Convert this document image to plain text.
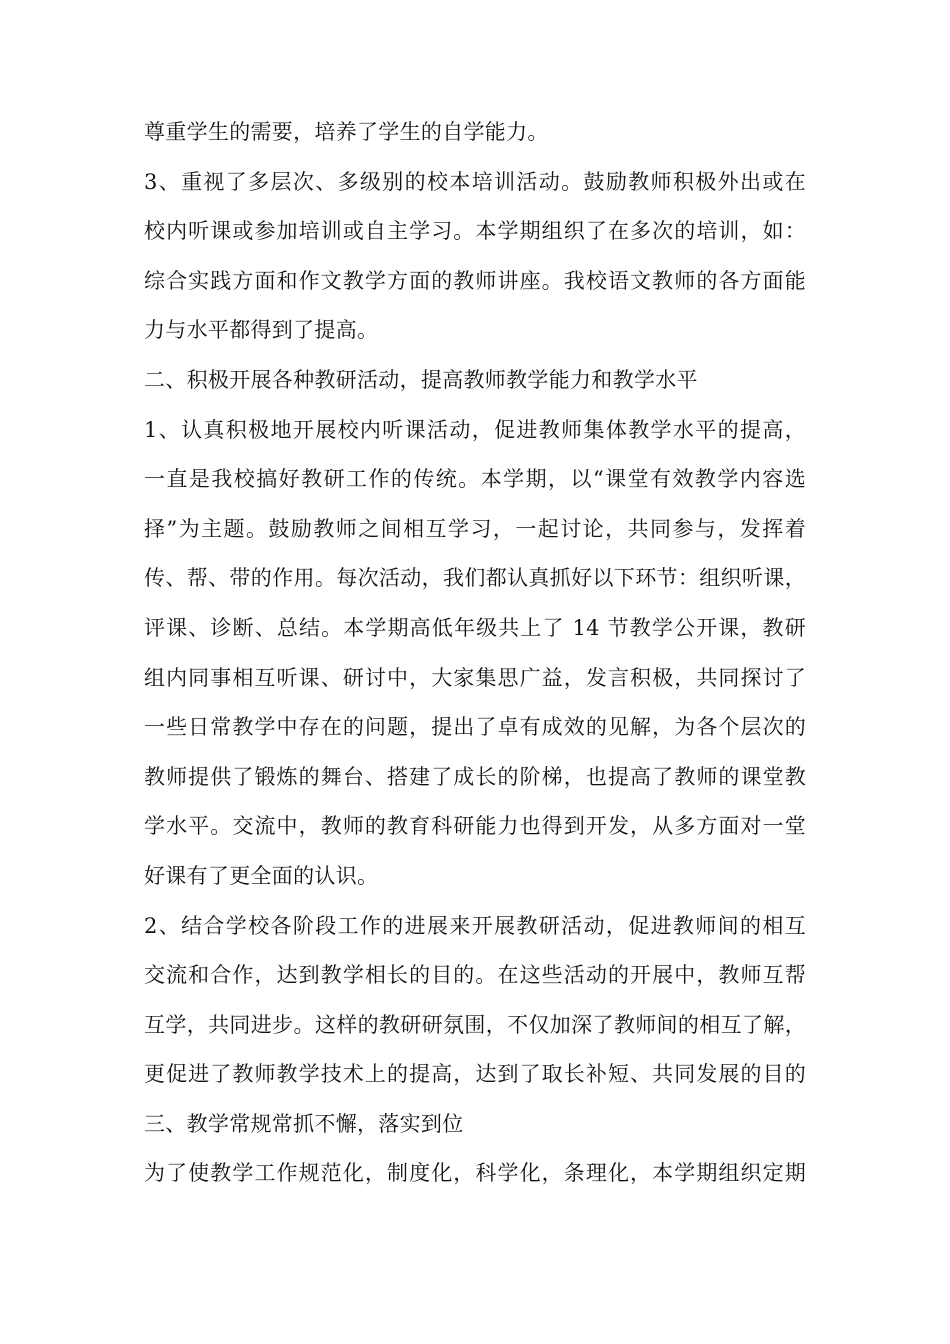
尊重学生的需要，培养了学生的自学能力。
3、重视了多层次、多级别的校本培训活动。鼓励教师积极外出或在
校内听课或参加培训或自主学习。本学期组织了在多次的培训，如：
综合实践方面和作文教学方面的教师讲座。我校语文教师的各方面能
力与水平都得到了提高。
二、积极开展各种教研活动，提高教师教学能力和教学水平
1、认真积极地开展校内听课活动，促进教师集体教学水平的提高，
一直是我校搞好教研工作的传统。本学期，以“课堂有效教学内容选
择”为主题。鼓励教师之间相互学习，一起讨论，共同参与，发挥着
传、帮、带的作用。每次活动，我们都认真抓好以下环节：组织听课，
评课、诊断、总结。本学期高低年级共上了 14 节教学公开课，教研
组内同事相互听课、研讨中，大家集思广益，发言积极，共同探讨了
一些日常教学中存在的问题，提出了卓有成效的见解，为各个层次的
教师提供了锻炼的舞台、搭建了成长的阶梯，也提高了教师的课堂教
学水平。交流中，教师的教育科研能力也得到开发，从多方面对一堂
好课有了更全面的认识。
2、结合学校各阶段工作的进展来开展教研活动，促进教师间的相互
交流和合作，达到教学相长的目的。在这些活动的开展中，教师互帮
互学，共同进步。这样的教研研氛围，不仅加深了教师间的相互了解，
更促进了教师教学技术上的提高，达到了取长补短、共同发展的目的
三、教学常规常抓不懈，落实到位
为了使教学工作规范化，制度化，科学化，条理化，本学期组织定期
